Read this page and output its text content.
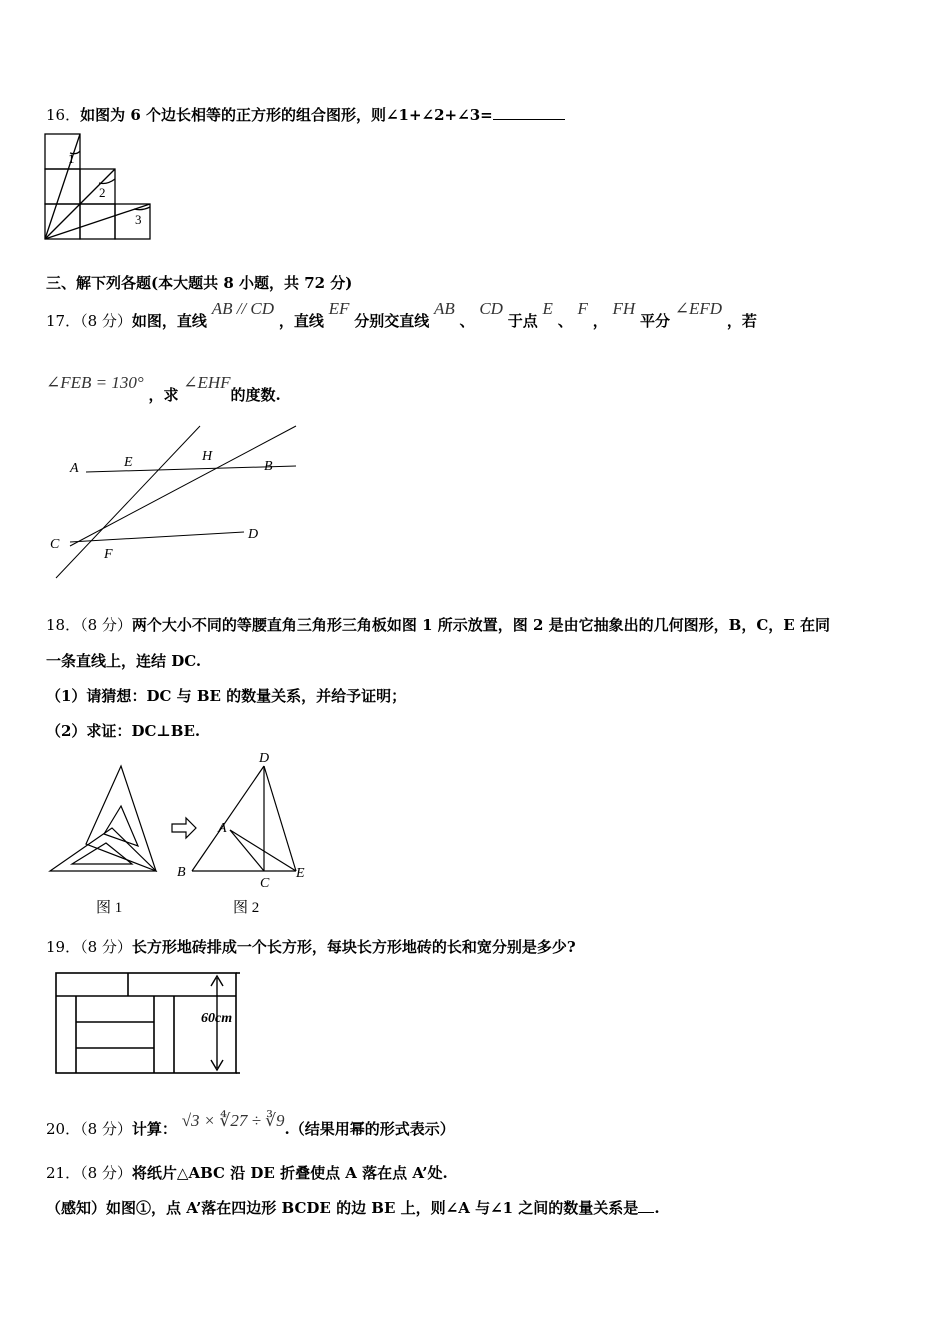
16．如图为 6 个边长相等的正方形的组合图形，则∠1+∠2+∠3=
1
2
3
三、解下列各题(本大题共 8 小题，共 72 分)
17．（8 分）如图，直线 AB // CD ，直线 EF 分别交直线 AB 、 CD 于点 E 、 F ， FH 平分 ∠EFD ，若
∠FEB = 130° ，求 ∠EHF的度数.
A	E	H
B
C
D
F
18．（8 分）两个大小不同的等腰直角三角形三角板如图 1 所示放置，图 2 是由它抽象出的几何图形，B，C，E 在同
一条直线上，连结 DC.
（1）请猜想：DC 与 BE 的数量关系，并给予证明；
（2）求证：DC⊥BE.
D
A
B
C
E
图 1	图 2
19．（8 分）长方形地砖排成一个长方形，每块长方形地砖的长和宽分别是多少?
60cm
20．（8 分）计算： √3 × ∜27 ÷ ∛9.（结果用幂的形式表示）
21．（8 分）将纸片△ABC 沿 DE 折叠使点 A 落在点 A’处.
（感知）如图①，点 A’落在四边形 BCDE 的边 BE 上，则∠A 与∠1 之间的数量关系是 .
